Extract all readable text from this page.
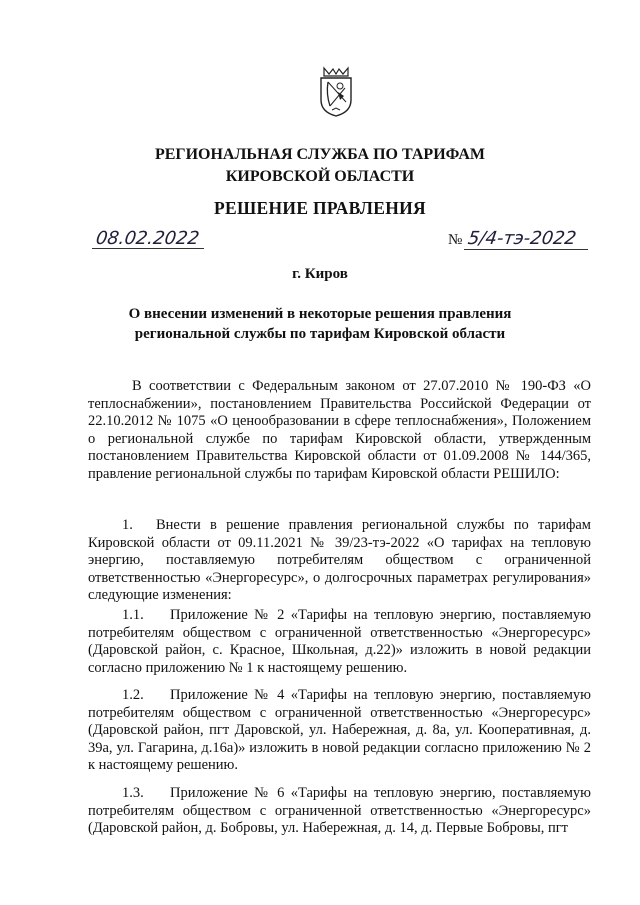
РЕГИОНАЛЬНАЯ СЛУЖБА ПО ТАРИФАМ
КИРОВСКОЙ ОБЛАСТИ
РЕШЕНИЕ ПРАВЛЕНИЯ
08.02.2022	№ 5/4-тэ-2022
г. Киров
О внесении изменений в некоторые решения правления
региональной службы по тарифам Кировской области
В соответствии с Федеральным законом от 27.07.2010 № 190-ФЗ «О теплоснабжении», постановлением Правительства Российской Федерации от 22.10.2012 № 1075 «О ценообразовании в сфере теплоснабжения», Положением о региональной службе по тарифам Кировской области, утвержденным постановлением Правительства Кировской области от 01.09.2008 № 144/365, правление региональной службы по тарифам Кировской области РЕШИЛО:
1. Внести в решение правления региональной службы по тарифам Кировской области от 09.11.2021 № 39/23-тэ-2022 «О тарифах на тепловую энергию, поставляемую потребителям обществом с ограниченной ответственностью «Энергоресурс», о долгосрочных параметрах регулирования» следующие изменения:
1.1. Приложение № 2 «Тарифы на тепловую энергию, поставляемую потребителям обществом с ограниченной ответственностью «Энергоресурс» (Даровской район, с. Красное, Школьная, д.22)» изложить в новой редакции согласно приложению № 1 к настоящему решению.
1.2. Приложение № 4 «Тарифы на тепловую энергию, поставляемую потребителям обществом с ограниченной ответственностью «Энергоресурс» (Даровской район, пгт Даровской, ул. Набережная, д. 8а, ул. Кооперативная, д. 39а, ул. Гагарина, д.16а)» изложить в новой редакции согласно приложению № 2 к настоящему решению.
1.3. Приложение № 6 «Тарифы на тепловую энергию, поставляемую потребителям обществом с ограниченной ответственностью «Энергоресурс» (Даровской район, д. Бобровы, ул. Набережная, д. 14, д. Первые Бобровы, пгт
